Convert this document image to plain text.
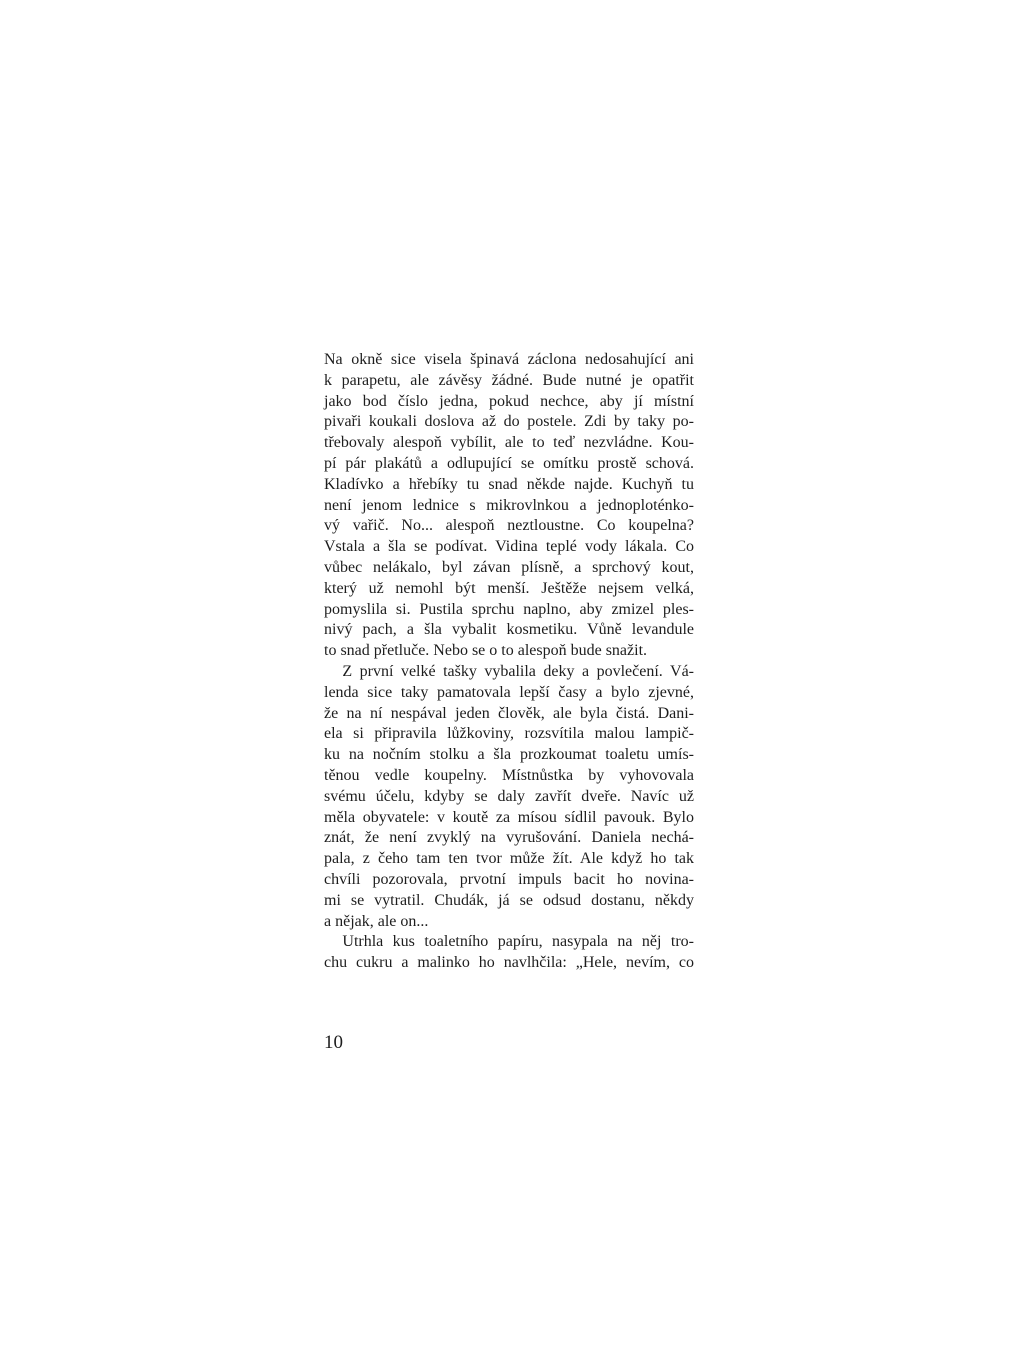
Na okně sice visela špinavá záclona nedosahující ani
k parapetu, ale závěsy žádné. Bude nutné je opatřit
jako bod číslo jedna, pokud nechce, aby jí místní
pivaři koukali doslova až do postele. Zdi by taky po-
třebovaly alespoň vybílit, ale to teď nezvládne. Kou-
pí pár plakátů a odlupující se omítku prostě schová.
Kladívko a hřebíky tu snad někde najde. Kuchyň tu
není jenom lednice s mikrovlnkou a jednoploténko-
vý vařič. No... alespoň neztloustne. Co koupelna?
Vstala a šla se podívat. Vidina teplé vody lákala. Co
vůbec nelákalo, byl závan plísně, a sprchový kout,
který už nemohl být menší. Ještěže nejsem velká,
pomyslila si. Pustila sprchu naplno, aby zmizel ples-
nivý pach, a šla vybalit kosmetiku. Vůně levandule
to snad přetluče. Nebo se o to alespoň bude snažit.
Z první velké tašky vybalila deky a povlečení. Vá-
lenda sice taky pamatovala lepší časy a bylo zjevné,
že na ní nespával jeden člověk, ale byla čistá. Dani-
ela si připravila lůžkoviny, rozsvítila malou lampič-
ku na nočním stolku a šla prozkoumat toaletu umís-
těnou vedle koupelny. Místnůstka by vyhovovala
svému účelu, kdyby se daly zavřít dveře. Navíc už
měla obyvatele: v koutě za mísou sídlil pavouk. Bylo
znát, že není zvyklý na vyrušování. Daniela nechá-
pala, z čeho tam ten tvor může žít. Ale když ho tak
chvíli pozorovala, prvotní impuls bacit ho novina-
mi se vytratil. Chudák, já se odsud dostanu, někdy
a nějak, ale on...
Utrhla kus toaletního papíru, nasypala na něj tro-
chu cukru a malinko ho navlhčila: „Hele, nevím, co
10
